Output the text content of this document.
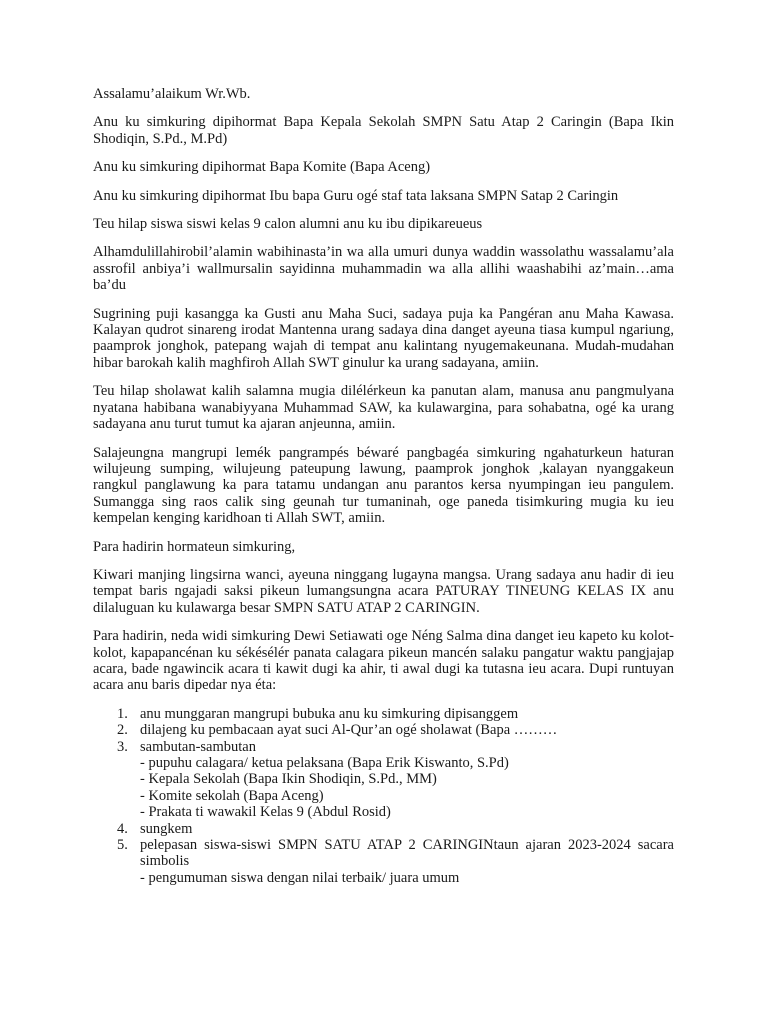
Assalamu’alaikum Wr.Wb.

Anu ku simkuring dipihormat Bapa Kepala Sekolah SMPN Satu Atap 2 Caringin (Bapa Ikin Shodiqin, S.Pd., M.Pd)

Anu ku simkuring dipihormat Bapa Komite (Bapa Aceng)

Anu ku simkuring dipihormat Ibu bapa Guru ogé staf tata laksana SMPN Satap 2 Caringin

Teu hilap siswa siswi kelas 9 calon alumni anu ku ibu dipikareueus

Alhamdulillahirobil’alamin wabihinasta’in wa alla umuri dunya waddin wassolathu wassalamu’ala assrofil anbiya’i wallmursalin sayidinna muhammadin wa alla allihi waashabihi az’main…ama ba’du

Sugrining puji kasangga ka Gusti anu Maha Suci, sadaya puja ka Pangéran anu Maha Kawasa. Kalayan qudrot sinareng irodat Mantenna urang sadaya dina danget ayeuna tiasa kumpul ngariung, paamprok jonghok, patepang wajah di tempat anu kalintang nyugemakeunana. Mudah-mudahan hibar barokah kalih maghfiroh Allah SWT ginulur ka urang sadayana, amiin.

Teu hilap sholawat kalih salamna mugia dilélérkeun ka panutan alam, manusa anu pangmulyana nyatana habibana wanabiyyana Muhammad SAW, ka kulawargina, para sohabatna, ogé ka urang sadayana anu turut tumut ka ajaran anjeunna, amiin.

Salajeungna mangrupi lemék pangrampés béwaré pangbagéa simkuring ngahaturkeun haturan wilujeung sumping, wilujeung pateupung lawung, paamprok jonghok ,kalayan nyanggakeun rangkul panglawung ka para tatamu undangan anu parantos kersa nyumpingan ieu pangulem. Sumangga sing raos calik sing geunah tur tumaninah, oge paneda tisimkuring mugia ku ieu kempelan kenging karidhoan ti Allah SWT, amiin.

Para hadirin hormateun simkuring,

Kiwari manjing lingsirna wanci, ayeuna ninggang lugayna mangsa. Urang sadaya anu hadir di ieu tempat baris ngajadi saksi pikeun lumangsungna acara PATURAY TINEUNG KELAS IX anu dilaluguan ku kulawarga besar SMPN SATU ATAP 2 CARINGIN.

Para hadirin, neda widi simkuring Dewi Setiawati oge Néng Salma dina danget ieu kapeto ku kolot-kolot, kapapancénan ku sékésélér panata calagara pikeun mancén salaku pangatur waktu pangjajap acara, bade ngawincik acara ti kawit dugi ka ahir, ti awal dugi ka tutasna ieu acara. Dupi runtuyan acara anu baris dipedar nya éta:

1. anu munggaran mangrupi bubuka anu ku simkuring dipisanggem
2. dilajeng ku pembacaan ayat suci Al-Qur’an ogé sholawat (Bapa ………
3. sambutan-sambutan
- pupuhu calagara/ ketua pelaksana (Bapa Erik Kiswanto, S.Pd)
- Kepala Sekolah (Bapa Ikin Shodiqin, S.Pd., MM)
- Komite sekolah (Bapa Aceng)
- Prakata ti wawakil Kelas 9 (Abdul Rosid)
4. sungkem
5. pelepasan siswa-siswi SMPN SATU ATAP 2 CARINGINtaun ajaran 2023-2024 sacara simbolis
- pengumuman siswa dengan nilai terbaik/ juara umum
